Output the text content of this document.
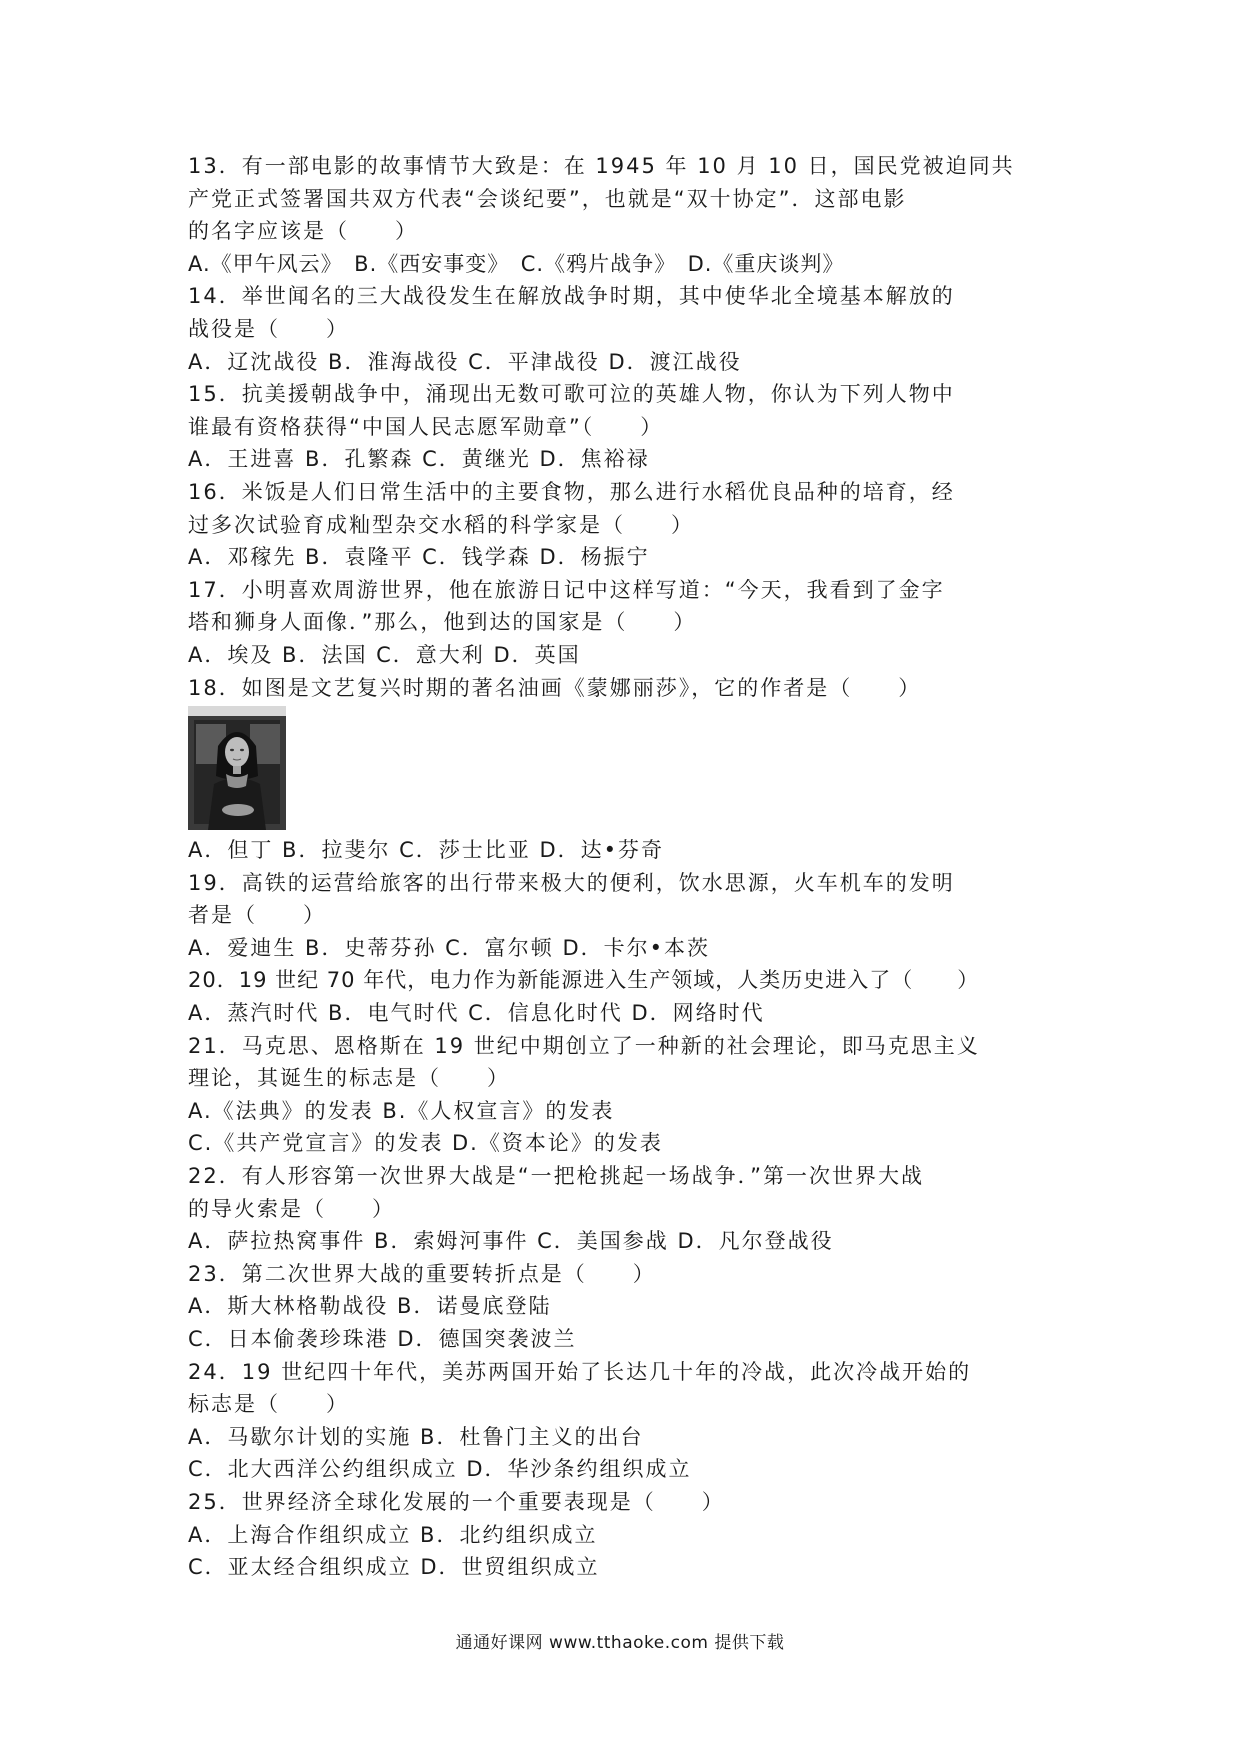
13．有一部电影的故事情节大致是：在 1945 年 10 月 10 日，国民党被迫同共
产党正式签署国共双方代表“会谈纪要”，也就是“双十协定”．这部电影
的名字应该是（　　）
A.《甲午风云》　B.《西安事变》　C.《鸦片战争》　D.《重庆谈判》
14．举世闻名的三大战役发生在解放战争时期，其中使华北全境基本解放的
战役是（　　）
A．辽沈战役 B．淮海战役 C．平津战役 D．渡江战役
15．抗美援朝战争中，涌现出无数可歌可泣的英雄人物，你认为下列人物中
谁最有资格获得“中国人民志愿军勋章”（　　）
A．王进喜 B．孔繁森 C．黄继光 D．焦裕禄
16．米饭是人们日常生活中的主要食物，那么进行水稻优良品种的培育，经
过多次试验育成籼型杂交水稻的科学家是（　　）
A．邓稼先 B．袁隆平 C．钱学森 D．杨振宁
17．小明喜欢周游世界，他在旅游日记中这样写道：“今天，我看到了金字
塔和狮身人面像．”那么，他到达的国家是（　　）
A．埃及 B．法国 C．意大利 D．英国
18．如图是文艺复兴时期的著名油画《蒙娜丽莎》，它的作者是（　　）
A．但丁 B．拉斐尔 C．莎士比亚 D．达•芬奇
19．高铁的运营给旅客的出行带来极大的便利，饮水思源，火车机车的发明
者是（　　）
A．爱迪生 B．史蒂芬孙 C．富尔顿 D．卡尔•本茨
20．19 世纪 70 年代，电力作为新能源进入生产领域，人类历史进入了（　　）
A．蒸汽时代 B．电气时代 C．信息化时代 D．网络时代
21．马克思、恩格斯在 19 世纪中期创立了一种新的社会理论，即马克思主义
理论，其诞生的标志是（　　）
A.《法典》的发表 B.《人权宣言》的发表
C.《共产党宣言》的发表 D.《资本论》的发表
22．有人形容第一次世界大战是“一把枪挑起一场战争．”第一次世界大战
的导火索是（　　）
A．萨拉热窝事件 B．索姆河事件 C．美国参战 D．凡尔登战役
23．第二次世界大战的重要转折点是（　　）
A．斯大林格勒战役 B．诺曼底登陆
C．日本偷袭珍珠港 D．德国突袭波兰
24．19 世纪四十年代，美苏两国开始了长达几十年的冷战，此次冷战开始的
标志是（　　）
A．马歇尔计划的实施 B．杜鲁门主义的出台
C．北大西洋公约组织成立 D．华沙条约组织成立
25．世界经济全球化发展的一个重要表现是（　　）
A．上海合作组织成立 B．北约组织成立
C．亚太经合组织成立 D．世贸组织成立
通通好课网 www.tthaoke.com 提供下载
